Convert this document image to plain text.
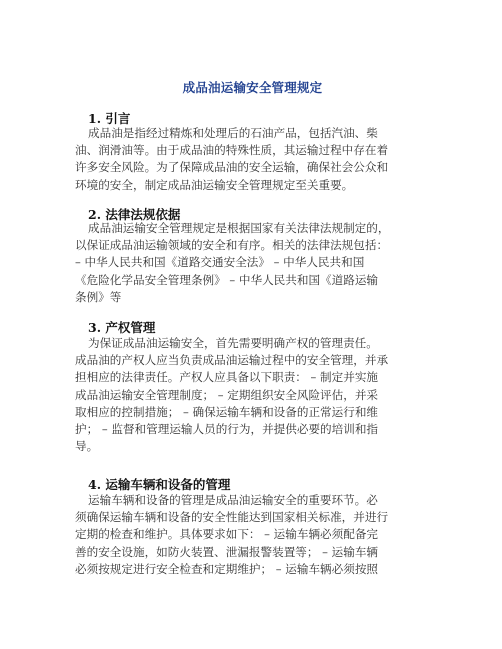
成品油运输安全管理规定
1. 引言
成品油是指经过精炼和处理后的石油产品，包括汽油、柴
油、润滑油等。由于成品油的特殊性质，其运输过程中存在着
许多安全风险。为了保障成品油的安全运输，确保社会公众和
环境的安全，制定成品油运输安全管理规定至关重要。
2. 法律法规依据
成品油运输安全管理规定是根据国家有关法律法规制定的，
以保证成品油运输领域的安全和有序。相关的法律法规包括：
– 中华人民共和国《道路交通安全法》 – 中华人民共和国
《危险化学品安全管理条例》 – 中华人民共和国《道路运输
条例》等
3. 产权管理
为保证成品油运输安全，首先需要明确产权的管理责任。
成品油的产权人应当负责成品油运输过程中的安全管理，并承
担相应的法律责任。产权人应具备以下职责： – 制定并实施
成品油运输安全管理制度； – 定期组织安全风险评估，并采
取相应的控制措施； – 确保运输车辆和设备的正常运行和维
护； – 监督和管理运输人员的行为，并提供必要的培训和指
导。
4. 运输车辆和设备的管理
运输车辆和设备的管理是成品油运输安全的重要环节。必
须确保运输车辆和设备的安全性能达到国家相关标准，并进行
定期的检查和维护。具体要求如下： – 运输车辆必须配备完
善的安全设施，如防火装置、泄漏报警装置等； – 运输车辆
必须按规定进行安全检查和定期维护； – 运输车辆必须按照
